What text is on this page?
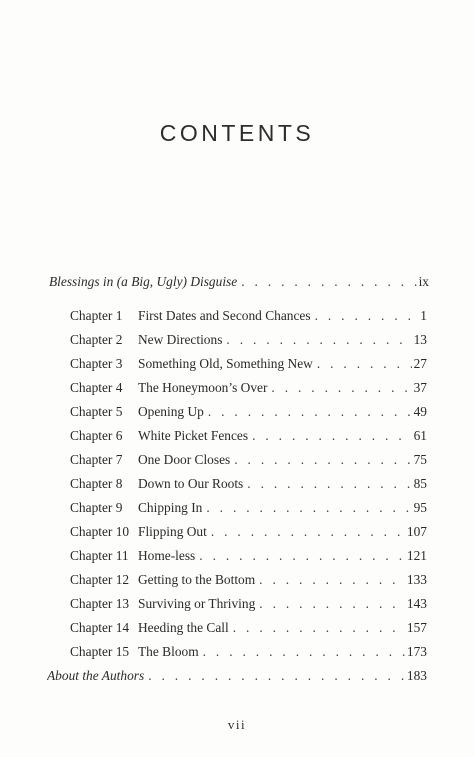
CONTENTS
Blessings in (a Big, Ugly) Disguise . . .	ix
Chapter 1	First Dates and Second Chances . . .	1
Chapter 2	New Directions . . .	13
Chapter 3	Something Old, Something New . . .	27
Chapter 4	The Honeymoon’s Over . . .	37
Chapter 5	Opening Up . . .	49
Chapter 6	White Picket Fences . . .	61
Chapter 7	One Door Closes . . .	75
Chapter 8	Down to Our Roots . . .	85
Chapter 9	Chipping In . . .	95
Chapter 10 Flipping Out . . .	107
Chapter 11 Home-less . . .	121
Chapter 12 Getting to the Bottom . . .	133
Chapter 13 Surviving or Thriving . . .	143
Chapter 14 Heeding the Call . . .	157
Chapter 15 The Bloom . . .	173
About the Authors . . .	183
vii
